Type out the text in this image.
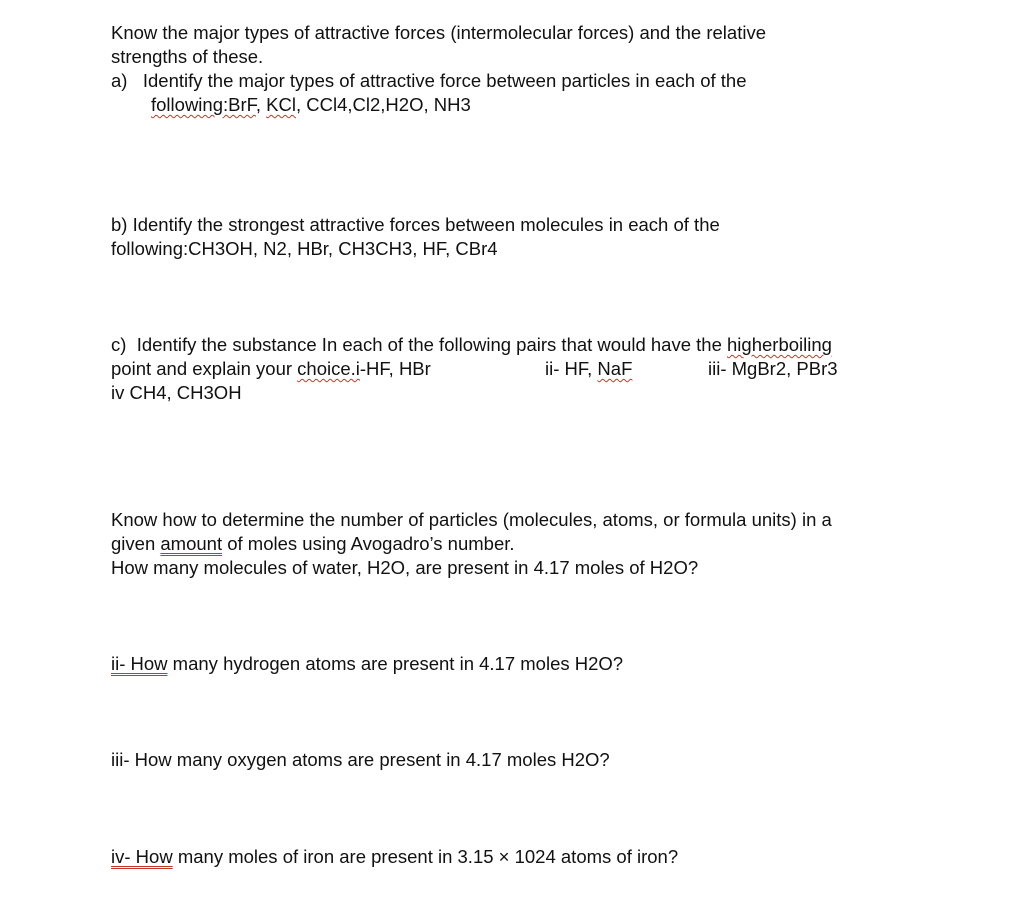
Know the major types of attractive forces (intermolecular forces) and the relative
strengths of these.
a)   Identify the major types of attractive force between particles in each of the
following:BrF, KCl, CCl4,Cl2,H2O, NH3
b) Identify the strongest attractive forces between molecules in each of the
following:CH3OH, N2, HBr, CH3CH3, HF, CBr4
c)  Identify the substance In each of the following pairs that would have the higherboiling
point and explain your choice.i-HF, HBr	ii- HF, NaF	iii- MgBr2, PBr3
iv CH4, CH3OH
Know how to determine the number of particles (molecules, atoms, or formula units) in a
given amount of moles using Avogadro’s number.
How many molecules of water, H2O, are present in 4.17 moles of H2O?
ii- How many hydrogen atoms are present in 4.17 moles H2O?
iii- How many oxygen atoms are present in 4.17 moles H2O?
iv- How many moles of iron are present in 3.15 × 1024 atoms of iron?
